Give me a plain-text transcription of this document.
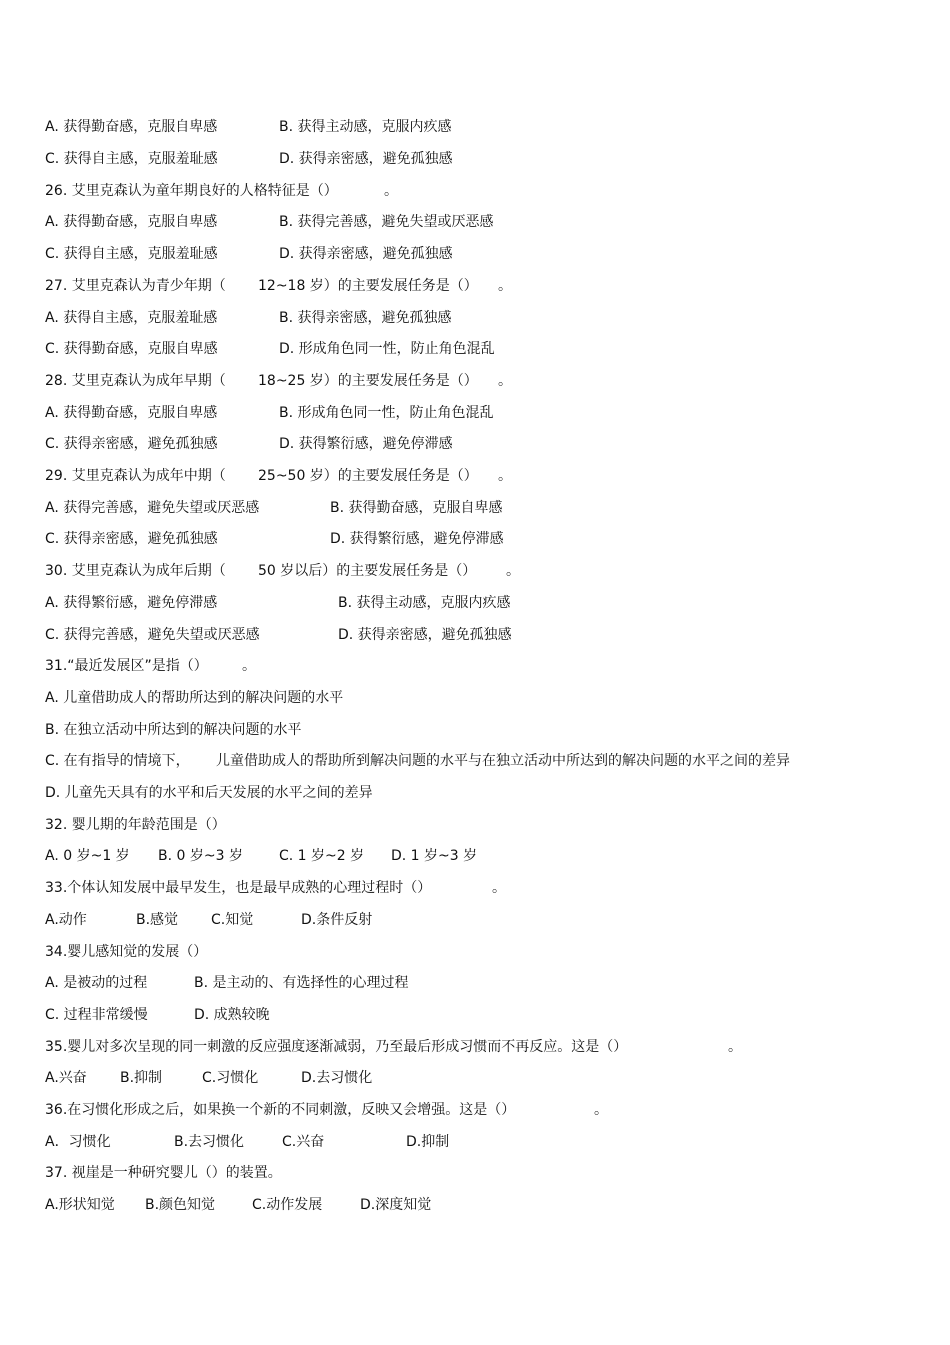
A. 获得勤奋感，克服自卑感	B. 获得主动感，克服内疚感
C. 获得自主感，克服羞耻感	D. 获得亲密感，避免孤独感
26. 艾里克森认为童年期良好的人格特征是（）	。
A. 获得勤奋感，克服自卑感	B. 获得完善感，避免失望或厌恶感
C. 获得自主感，克服羞耻感	D. 获得亲密感，避免孤独感
27. 艾里克森认为青少年期（ 12~18 岁）的主要发展任务是（） 。
A. 获得自主感，克服羞耻感	B. 获得亲密感，避免孤独感
C. 获得勤奋感，克服自卑感	D. 形成角色同一性，防止角色混乱
28. 艾里克森认为成年早期（ 18~25 岁）的主要发展任务是（） 。
A. 获得勤奋感，克服自卑感	B. 形成角色同一性，防止角色混乱
C. 获得亲密感，避免孤独感	D. 获得繁衍感，避免停滞感
29. 艾里克森认为成年中期（ 25~50 岁）的主要发展任务是（） 。
A. 获得完善感，避免失望或厌恶感	B. 获得勤奋感，克服自卑感
C. 获得亲密感，避免孤独感	D. 获得繁衍感，避免停滞感
30. 艾里克森认为成年后期（ 50 岁以后）的主要发展任务是（） 。
A. 获得繁衍感，避免停滞感	B. 获得主动感，克服内疚感
C. 获得完善感，避免失望或厌恶感	D. 获得亲密感，避免孤独感
31.“最近发展区”是指（） 。
A. 儿童借助成人的帮助所达到的解决问题的水平
B. 在独立活动中所达到的解决问题的水平
C. 在有指导的情境下， 儿童借助成人的帮助所到解决问题的水平与在独立活动中所达到的解决问题的水平之间的差异
D. 儿童先天具有的水平和后天发展的水平之间的差异
32. 婴儿期的年龄范围是（）
A. 0 岁~1 岁 B. 0 岁~3 岁	C. 1 岁~2 岁 D. 1 岁~3 岁
33.个体认知发展中最早发生，也是最早成熟的心理过程时（）	。
A.动作	B.感觉 C.知觉	D.条件反射
34.婴儿感知觉的发展（）
A. 是被动的过程	B. 是主动的、有选择性的心理过程
C. 过程非常缓慢	D. 成熟较晚
35.婴儿对多次呈现的同一刺激的反应强度逐渐减弱，乃至最后形成习惯而不再反应。这是（）	。
A.兴奋 B.抑制	C.习惯化	D.去习惯化
36.在习惯化形成之后，如果换一个新的不同刺激，反映又会增强。这是（）	。
A．习惯化	B.去习惯化	C.兴奋	D.抑制
37. 视崖是一种研究婴儿（）的装置。
A.形状知觉 B.颜色知觉	C.动作发展	D.深度知觉
